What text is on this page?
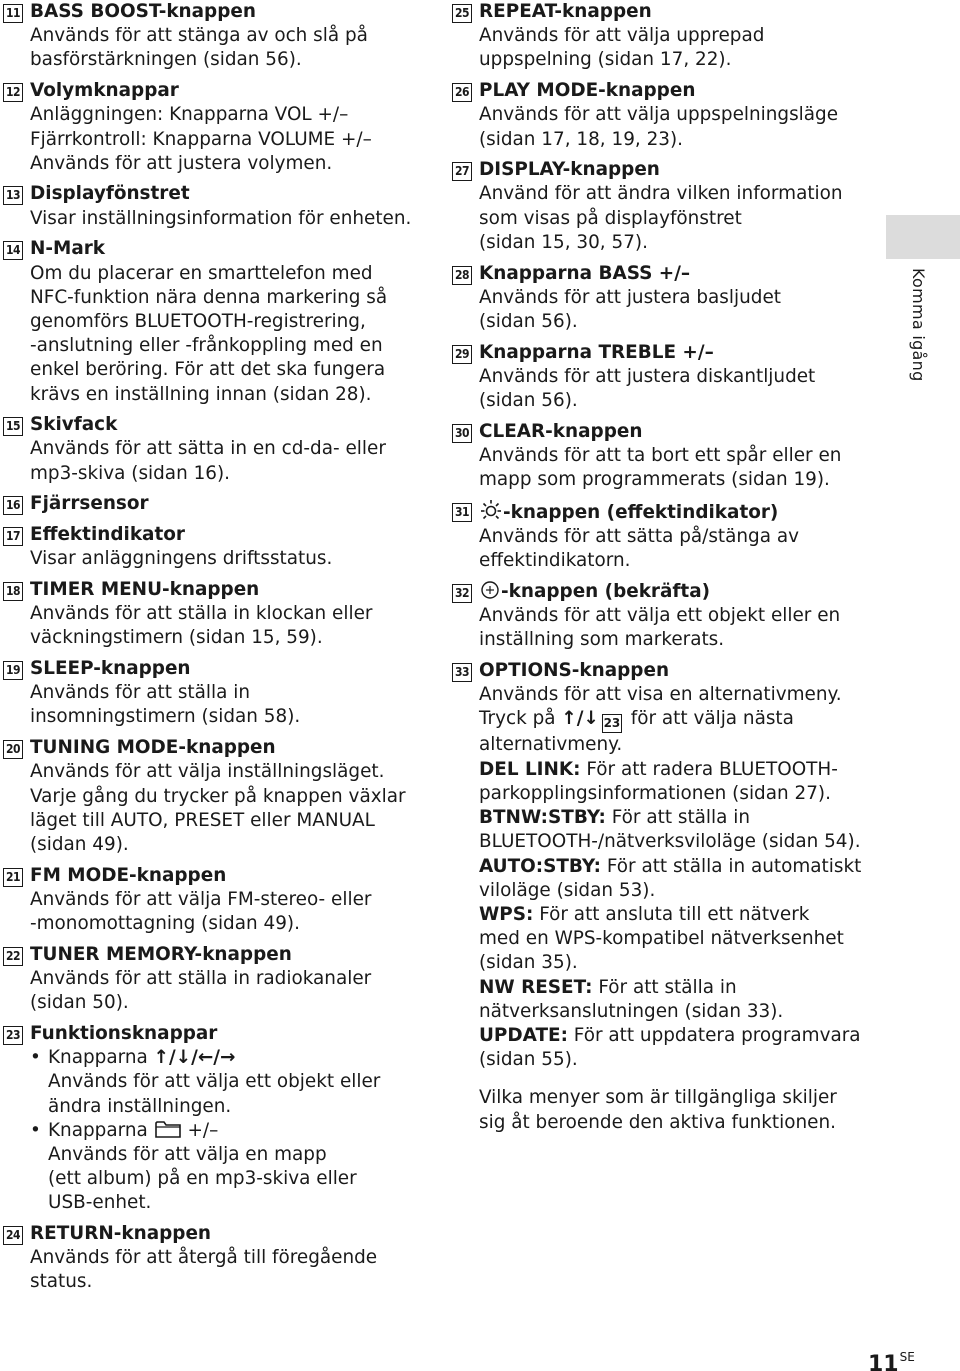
11 BASS BOOST-knappen
Används för att stänga av och slå på
basförstärkningen (sidan 56).
12 Volymknappar
Anläggningen: Knapparna VOL +/–
Fjärrkontroll: Knapparna VOLUME +/–
Används för att justera volymen.
13 Displayfönstret
Visar inställningsinformation för enheten.
14 N-Mark
Om du placerar en smarttelefon med
NFC-funktion nära denna markering så
genomförs BLUETOOTH-registrering,
-anslutning eller -frånkoppling med en
enkel beröring. För att det ska fungera
krävs en inställning innan (sidan 28).
15 Skivfack
Används för att sätta in en cd-da- eller
mp3-skiva (sidan 16).
16 Fjärrsensor
17 Effektindikator
Visar anläggningens driftsstatus.
18 TIMER MENU-knappen
Används för att ställa in klockan eller
väckningstimern (sidan 15, 59).
19 SLEEP-knappen
Används för att ställa in
insomningstimern (sidan 58).
20 TUNING MODE-knappen
Används för att välja inställningsläget.
Varje gång du trycker på knappen växlar
läget till AUTO, PRESET eller MANUAL
(sidan 49).
21 FM MODE-knappen
Används för att välja FM-stereo- eller
-monomottagning (sidan 49).
22 TUNER MEMORY-knappen
Används för att ställa in radiokanaler
(sidan 50).
23 Funktionsknappar
• Knapparna ↑/↓/←/→
Används för att välja ett objekt eller
ändra inställningen.
• Knapparna  +/–
Används för att välja en mapp
(ett album) på en mp3-skiva eller
USB-enhet.
24 RETURN-knappen
Används för att återgå till föregående
status.
25 REPEAT-knappen
Används för att välja upprepad
uppspelning (sidan 17, 22).
26 PLAY MODE-knappen
Används för att välja uppspelningsläge
(sidan 17, 18, 19, 23).
27 DISPLAY-knappen
Använd för att ändra vilken information
som visas på displayfönstret
(sidan 15, 30, 57).
28 Knapparna BASS +/–
Används för att justera basljudet
(sidan 56).
29 Knapparna TREBLE +/–
Används för att justera diskantljudet
(sidan 56).
30 CLEAR-knappen
Används för att ta bort ett spår eller en
mapp som programmerats (sidan 19).
31	-knappen (effektindikator)
Används för att sätta på/stänga av
effektindikatorn.
32	-knappen (bekräfta)
Används för att välja ett objekt eller en
inställning som markerats.
33 OPTIONS-knappen
Används för att visa en alternativmeny.
Tryck på ↑/↓ 23 för att välja nästa
alternativmeny.
DEL LINK: För att radera BLUETOOTH-
parkopplingsinformationen (sidan 27).
BTNW:STBY: För att ställa in
BLUETOOTH-/nätverksviloläge (sidan 54).
AUTO:STBY: För att ställa in automatiskt
viloläge (sidan 53).
WPS: För att ansluta till ett nätverk
med en WPS-kompatibel nätverksenhet
(sidan 35).
NW RESET: För att ställa in
nätverksanslutningen (sidan 33).
UPDATE: För att uppdatera programvara
(sidan 55).
Vilka menyer som är tillgängliga skiljer
sig åt beroende den aktiva funktionen.
Komma igång
$11^{SE}$
